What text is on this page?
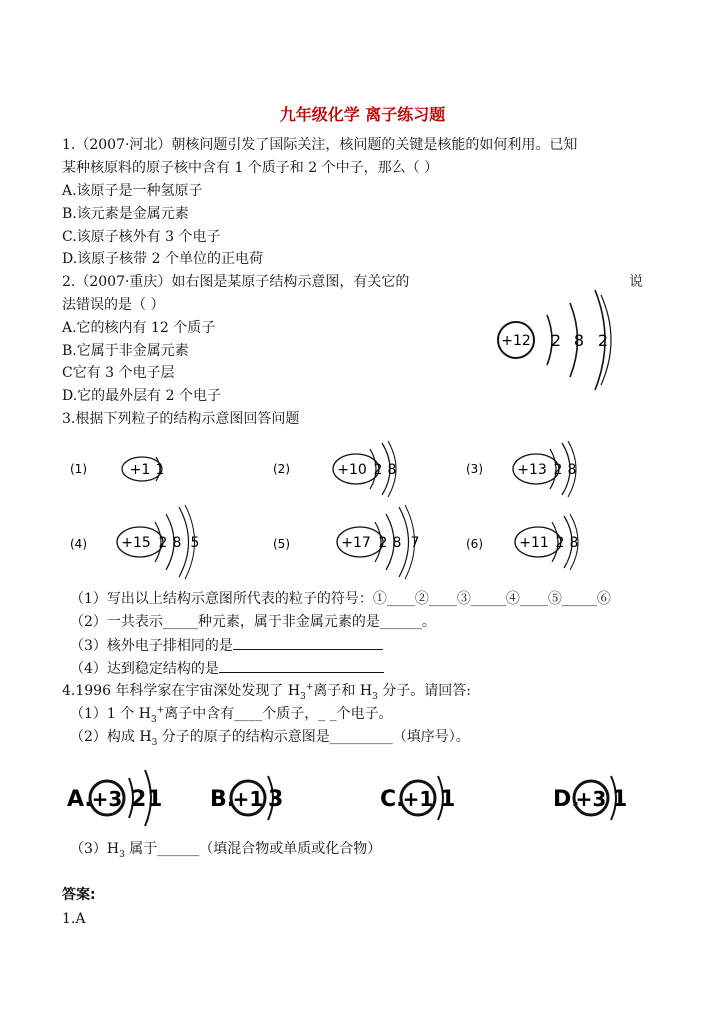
九年级化学 离子练习题
1.（2007·河北）朝核问题引发了国际关注，核问题的关键是核能的如何利用。已知
某种核原料的原子核中含有 1 个质子和 2 个中子，那么（ ）
A.该原子是一种氢原子
B.该元素是金属元素
C.该原子核外有 3 个电子
D.该原子核带 2 个单位的正电荷
2.（2007·重庆）如右图是某原子结构示意图，有关它的	说
法错误的是（ ）
A.它的核内有 12 个质子
B.它属于非金属元素
C它有 3 个电子层
D.它的最外层有 2 个电子
+12 2 8 2
3.根据下列粒子的结构示意图回答问题
(1)	+1 1	(2)	+10 2 8	(3) +13 2 8
(4) +15 2 8 5	(5)	+17 2 8 7	(6)	+11 2 8
（1）写出以上结构示意图所代表的粒子的符号：①____②____③_____④____⑤_____⑥
（2）一共表示_____种元素，属于非金属元素的是______。
（3）核外电子排相同的是
（4）达到稳定结构的是
4.1996 年科学家在宇宙深处发现了 $H_3^+$离子和 $H_3$ 分子。请回答:
（1）1 个 $H_3^+$离子中含有____个质子，_ _个电子。
（2）构成 $H_3$ 分子的原子的结构示意图是_________（填序号）。
A.
+3 2 1 B.
+1 3	C.
+1 1	D.
+3 1
$(3)H_3$ 属于______（填混合物或单质或化合物）
答案:
1.A
